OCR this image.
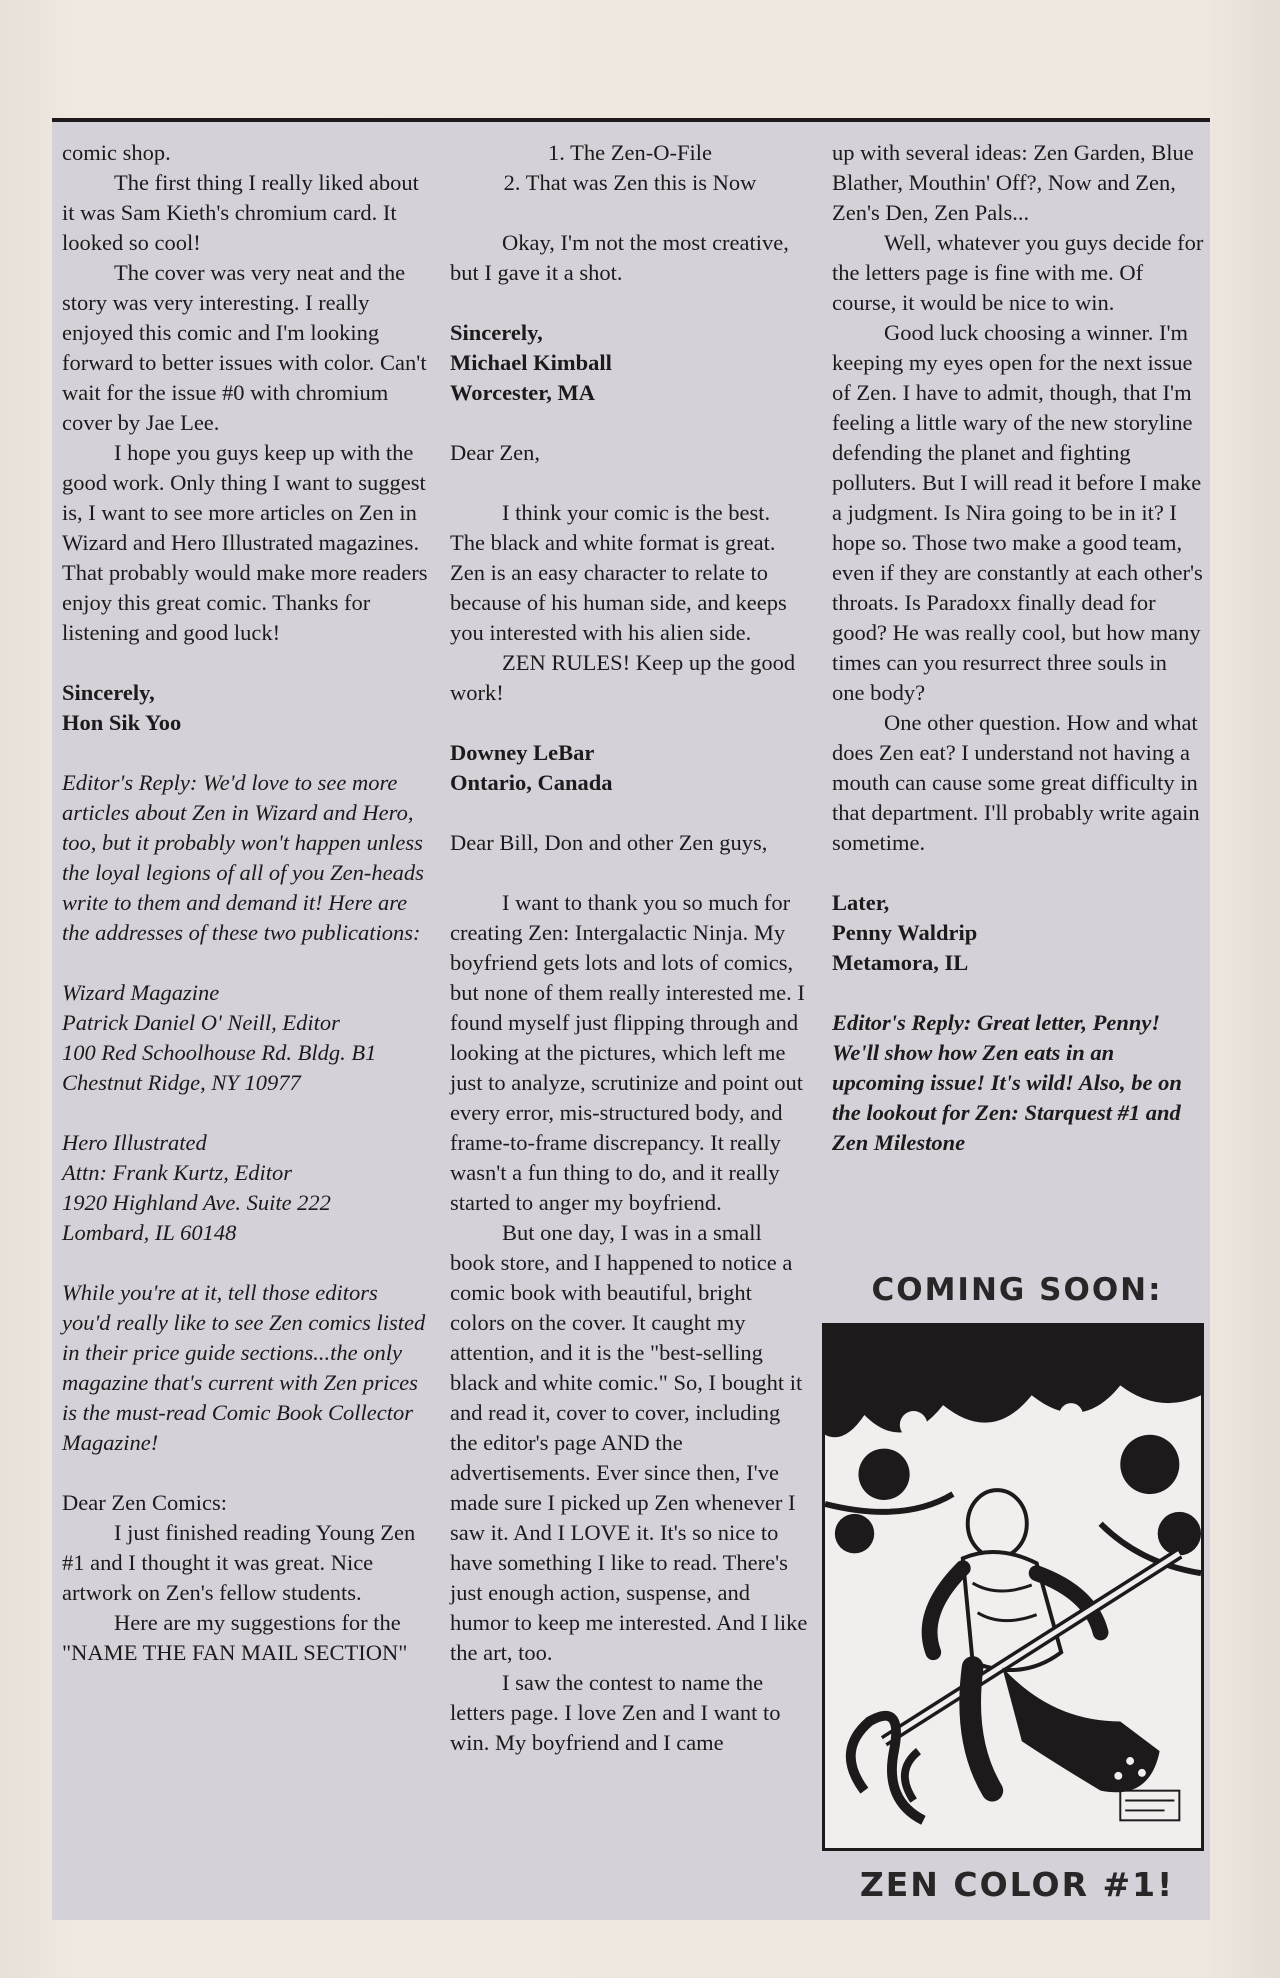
comic shop.

The first thing I really liked about it was Sam Kieth's chromium card. It looked so cool!

The cover was very neat and the story was very interesting. I really enjoyed this comic and I'm looking forward to better issues with color. Can't wait for the issue #0 with chromium cover by Jae Lee.

I hope you guys keep up with the good work. Only thing I want to suggest is, I want to see more articles on Zen in Wizard and Hero Illustrated magazines. That probably would make more readers enjoy this great comic. Thanks for listening and good luck!

Sincerely,

Hon Sik Yoo

Editor's Reply: We'd love to see more articles about Zen in Wizard and Hero, too, but it probably won't happen unless the loyal legions of all of you Zen-heads write to them and demand it! Here are the addresses of these two publications:

Wizard Magazine

Patrick Daniel O' Neill, Editor

100 Red Schoolhouse Rd. Bldg. B1

Chestnut Ridge, NY 10977

Hero Illustrated

Attn: Frank Kurtz, Editor

1920 Highland Ave. Suite 222

Lombard, IL 60148

While you're at it, tell those editors you'd really like to see Zen comics listed in their price guide sections...the only magazine that's current with Zen prices is the must-read Comic Book Collector Magazine!

Dear Zen Comics:

I just finished reading Young Zen #1 and I thought it was great. Nice artwork on Zen's fellow students.

Here are my suggestions for the "NAME THE FAN MAIL SECTION"

1. The Zen-O-File

2. That was Zen this is Now

Okay, I'm not the most creative, but I gave it a shot.

Sincerely,

Michael Kimball

Worcester, MA

Dear Zen,

I think your comic is the best. The black and white format is great. Zen is an easy character to relate to because of his human side, and keeps you interested with his alien side.

ZEN RULES! Keep up the good work!

Downey LeBar

Ontario, Canada

Dear Bill, Don and other Zen guys,

I want to thank you so much for creating Zen: Intergalactic Ninja. My boyfriend gets lots and lots of comics, but none of them really interested me. I found myself just flipping through and looking at the pictures, which left me just to analyze, scrutinize and point out every error, mis-structured body, and frame-to-frame discrepancy. It really wasn't a fun thing to do, and it really started to anger my boyfriend.

But one day, I was in a small book store, and I happened to notice a comic book with beautiful, bright colors on the cover. It caught my attention, and it is the "best-selling black and white comic." So, I bought it and read it, cover to cover, including the editor's page AND the advertisements. Ever since then, I've made sure I picked up Zen whenever I saw it. And I LOVE it. It's so nice to have something I like to read. There's just enough action, suspense, and humor to keep me interested. And I like the art, too.

I saw the contest to name the letters page. I love Zen and I want to win. My boyfriend and I came

up with several ideas: Zen Garden, Blue Blather, Mouthin' Off?, Now and Zen, Zen's Den, Zen Pals...

Well, whatever you guys decide for the letters page is fine with me. Of course, it would be nice to win.

Good luck choosing a winner. I'm keeping my eyes open for the next issue of Zen. I have to admit, though, that I'm feeling a little wary of the new storyline defending the planet and fighting polluters. But I will read it before I make a judgment. Is Nira going to be in it? I hope so. Those two make a good team, even if they are constantly at each other's throats. Is Paradoxx finally dead for good? He was really cool, but how many times can you resurrect three souls in one body?

One other question. How and what does Zen eat? I understand not having a mouth can cause some great difficulty in that department. I'll probably write again sometime.

Later,

Penny Waldrip

Metamora, IL

Editor's Reply: Great letter, Penny! We'll show how Zen eats in an upcoming issue! It's wild! Also, be on the lookout for Zen: Starquest #1 and Zen Milestone

COMING SOON:
ZEN COLOR #1!
